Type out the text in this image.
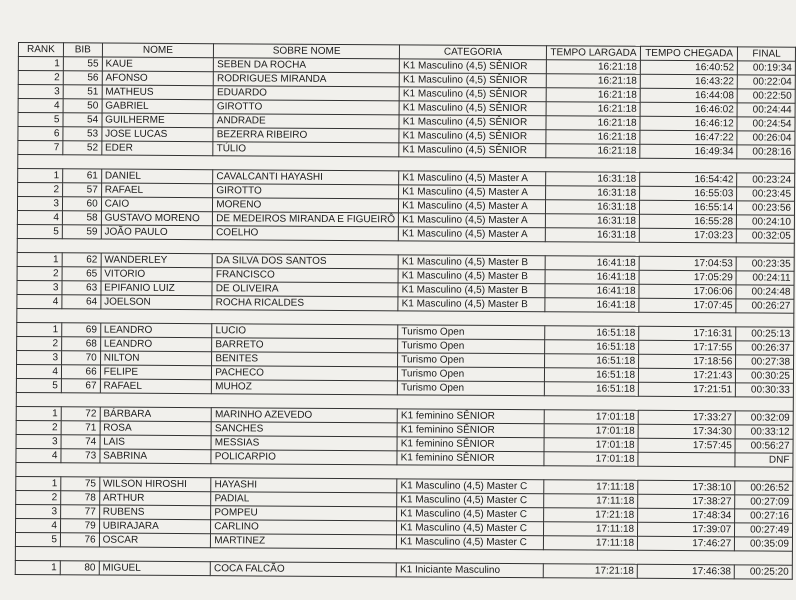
RANK	BIB	NOME	SOBRE NOME	CATEGORIA	TEMPO LARGADA	TEMPO CHEGADA	FINAL
1	55	KAUE	SEBEN DA ROCHA	K1 Masculino (4,5) SÊNIOR	16:21:18	16:40:52	00:19:34
2	56	AFONSO	RODRIGUES MIRANDA	K1 Masculino (4,5) SÊNIOR	16:21:18	16:43:22	00:22:04
3	51	MATHEUS	EDUARDO	K1 Masculino (4,5) SÊNIOR	16:21:18	16:44:08	00:22:50
4	50	GABRIEL	GIROTTO	K1 Masculino (4,5) SÊNIOR	16:21:18	16:46:02	00:24:44
5	54	GUILHERME	ANDRADE	K1 Masculino (4,5) SÊNIOR	16:21:18	16:46:12	00:24:54
6	53	JOSE LUCAS	BEZERRA RIBEIRO	K1 Masculino (4,5) SÊNIOR	16:21:18	16:47:22	00:26:04
7	52	EDER	TÚLIO	K1 Masculino (4,5) SÊNIOR	16:21:18	16:49:34	00:28:16

1	61	DANIEL	CAVALCANTI HAYASHI	K1 Masculino (4,5) Master A	16:31:18	16:54:42	00:23:24
2	57	RAFAEL	GIROTTO	K1 Masculino (4,5) Master A	16:31:18	16:55:03	00:23:45
3	60	CAIO	MORENO	K1 Masculino (4,5) Master A	16:31:18	16:55:14	00:23:56
4	58	GUSTAVO MORENO	DE MEDEIROS MIRANDA E FIGUEIRÔ	K1 Masculino (4,5) Master A	16:31:18	16:55:28	00:24:10
5	59	JOÃO PAULO	COELHO	K1 Masculino (4,5) Master A	16:31:18	17:03:23	00:32:05

1	62	WANDERLEY	DA SILVA DOS SANTOS	K1 Masculino (4,5) Master B	16:41:18	17:04:53	00:23:35
2	65	VITORIO	FRANCISCO	K1 Masculino (4,5) Master B	16:41:18	17:05:29	00:24:11
3	63	EPIFANIO LUIZ	DE OLIVEIRA	K1 Masculino (4,5) Master B	16:41:18	17:06:06	00:24:48
4	64	JOELSON	ROCHA RICALDES	K1 Masculino (4,5) Master B	16:41:18	17:07:45	00:26:27

1	69	LEANDRO	LUCIO	Turismo Open	16:51:18	17:16:31	00:25:13
2	68	LEANDRO	BARRETO	Turismo Open	16:51:18	17:17:55	00:26:37
3	70	NILTON	BENITES	Turismo Open	16:51:18	17:18:56	00:27:38
4	66	FELIPE	PACHECO	Turismo Open	16:51:18	17:21:43	00:30:25
5	67	RAFAEL	MUHOZ	Turismo Open	16:51:18	17:21:51	00:30:33

1	72	BÁRBARA	MARINHO AZEVEDO	K1 feminino SÊNIOR	17:01:18	17:33:27	00:32:09
2	71	ROSA	SANCHES	K1 feminino SÊNIOR	17:01:18	17:34:30	00:33:12
3	74	LAIS	MESSIAS	K1 feminino SÊNIOR	17:01:18	17:57:45	00:56:27
4	73	SABRINA	POLICARPIO	K1 feminino SÊNIOR	17:01:18		DNF

1	75	WILSON HIROSHI	HAYASHI	K1 Masculino (4,5) Master C	17:11:18	17:38:10	00:26:52
2	78	ARTHUR	PADIAL	K1 Masculino (4,5) Master C	17:11:18	17:38:27	00:27:09
3	77	RUBENS	POMPEU	K1 Masculino (4,5) Master C	17:21:18	17:48:34	00:27:16
4	79	UBIRAJARA	CARLINO	K1 Masculino (4,5) Master C	17:11:18	17:39:07	00:27:49
5	76	OSCAR	MARTINEZ	K1 Masculino (4,5) Master C	17:11:18	17:46:27	00:35:09

1	80	MIGUEL	COCA FALCÃO	K1 Iniciante Masculino	17:21:18	17:46:38	00:25:20
